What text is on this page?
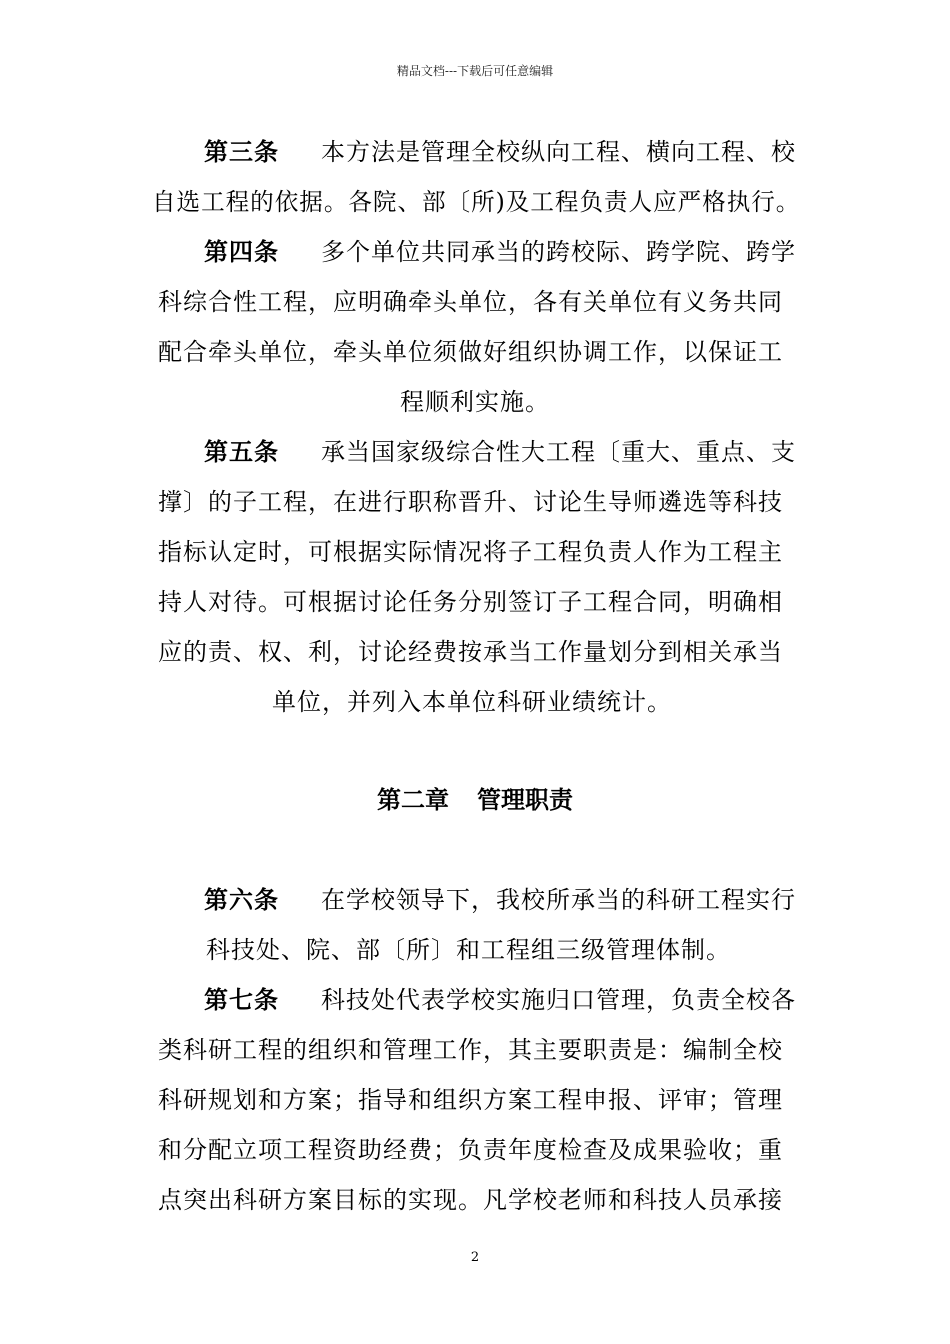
精品文档---下载后可任意编辑
第三条 本方法是管理全校纵向工程、横向工程、校
自选工程的依据。各院、部〔所)及工程负责人应严格执行。
第四条 多个单位共同承当的跨校际、跨学院、跨学
科综合性工程，应明确牵头单位，各有关单位有义务共同
配合牵头单位，牵头单位须做好组织协调工作，以保证工
程顺利实施。
第五条 承当国家级综合性大工程〔重大、重点、支
撑〕的子工程，在进行职称晋升、讨论生导师遴选等科技
指标认定时，可根据实际情况将子工程负责人作为工程主
持人对待。可根据讨论任务分别签订子工程合同，明确相
应的责、权、利，讨论经费按承当工作量划分到相关承当
单位，并列入本单位科研业绩统计。
第二章 管理职责
第六条 在学校领导下，我校所承当的科研工程实行
科技处、院、部〔所〕和工程组三级管理体制。
第七条 科技处代表学校实施归口管理，负责全校各
类科研工程的组织和管理工作，其主要职责是：编制全校
科研规划和方案；指导和组织方案工程申报、评审；管理
和分配立项工程资助经费；负责年度检查及成果验收；重
点突出科研方案目标的实现。凡学校老师和科技人员承接
2
